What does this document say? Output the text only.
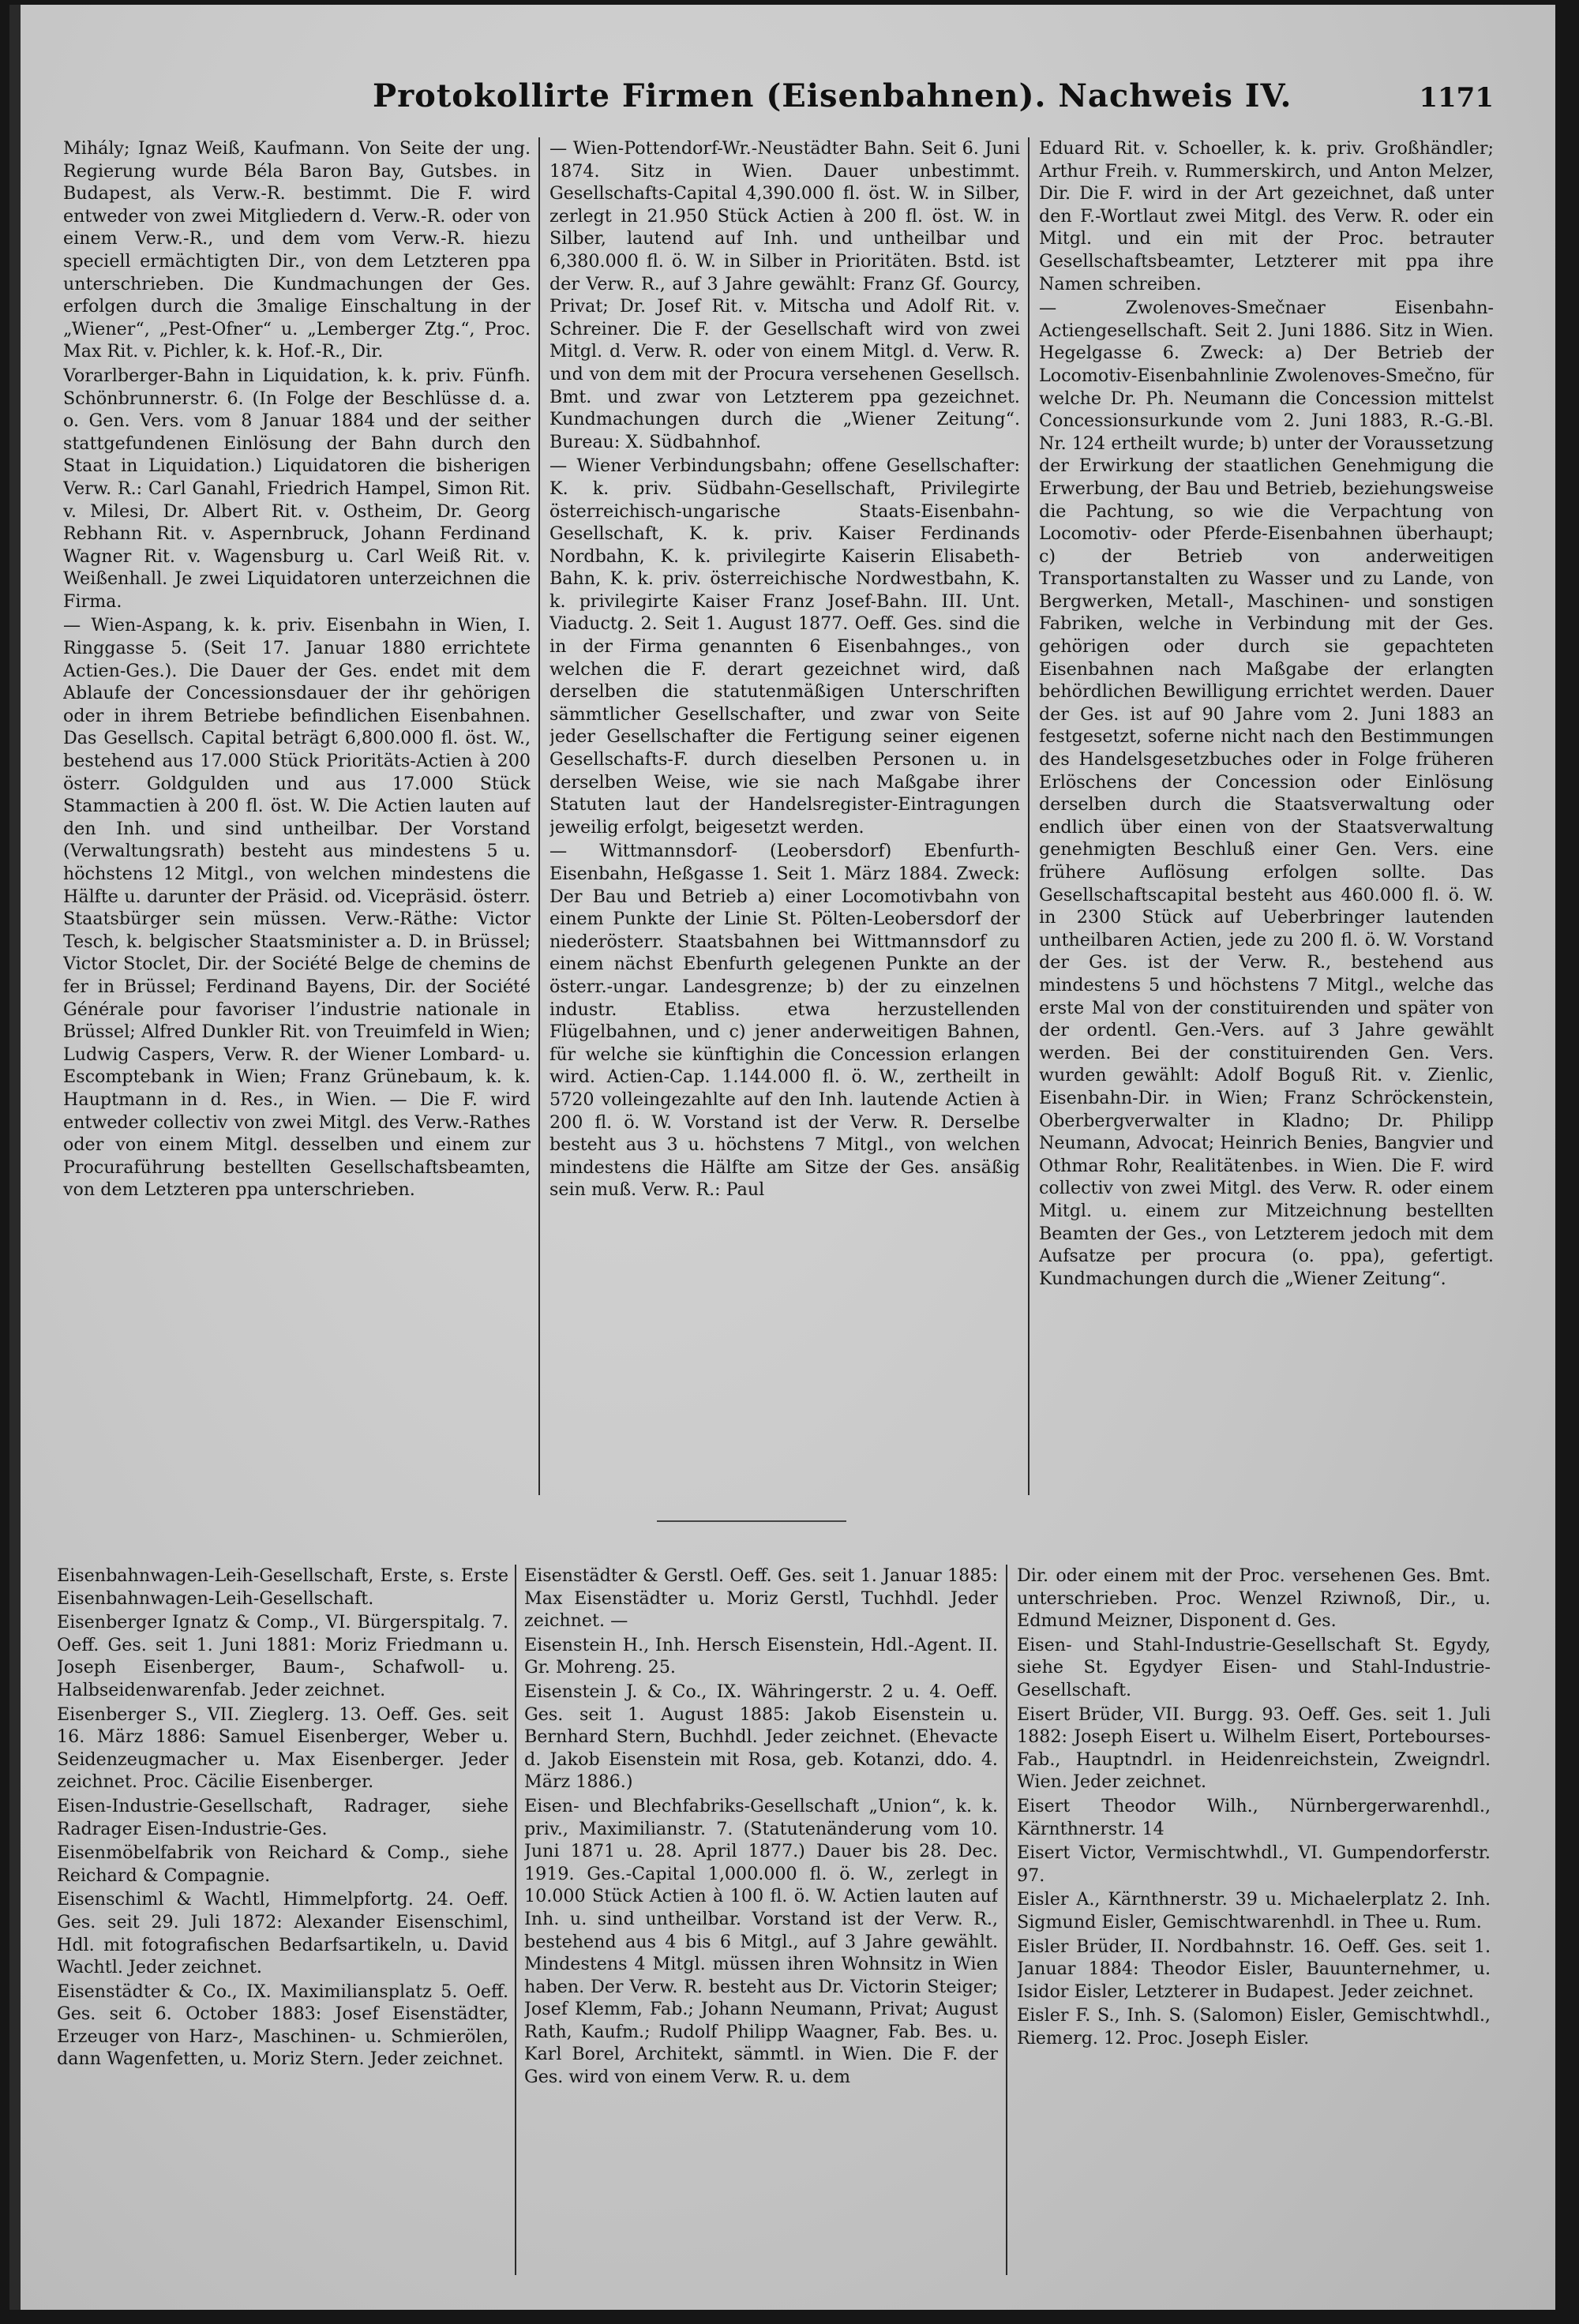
Protokollirte Firmen (Eisenbahnen). Nachweis IV.	1171

Mihály; Ignaz Weiß, Kaufmann. Von Seite der ung. Regierung wurde Béla Baron Bay, Gutsbes. in Budapest, als Verw.-R. bestimmt. Die F. wird entweder von zwei Mitgliedern d. Verw.-R. oder von einem Verw.-R., und dem vom Verw.-R. hiezu speciell ermächtigten Dir., von dem Letzteren ppa unterschrieben. Die Kundmachungen der Ges. erfolgen durch die 3malige Einschaltung in der „Wiener“, „Pest-Ofner“ u. „Lemberger Ztg.“, Proc. Max Rit. v. Pichler, k. k. Hof.-R., Dir.

Vorarlberger-Bahn in Liquidation, k. k. priv. Fünfh. Schönbrunnerstr. 6. (In Folge der Beschlüsse d. a. o. Gen. Vers. vom 8 Januar 1884 und der seither stattgefundenen Einlösung der Bahn durch den Staat in Liquidation.) Liquidatoren die bisherigen Verw. R.: Carl Ganahl, Friedrich Hampel, Simon Rit. v. Milesi, Dr. Albert Rit. v. Ostheim, Dr. Georg Rebhann Rit. v. Aspernbruck, Johann Ferdinand Wagner Rit. v. Wagensburg u. Carl Weiß Rit. v. Weißenhall. Je zwei Liquidatoren unterzeichnen die Firma.

— Wien-Aspang, k. k. priv. Eisenbahn in Wien, I. Ringgasse 5. (Seit 17. Januar 1880 errichtete Actien-Ges.). Die Dauer der Ges. endet mit dem Ablaufe der Concessionsdauer der ihr gehörigen oder in ihrem Betriebe befindlichen Eisenbahnen. Das Gesellsch. Capital beträgt 6,800.000 fl. öst. W., bestehend aus 17.000 Stück Prioritäts-Actien à 200 österr. Goldgulden und aus 17.000 Stück Stammactien à 200 fl. öst. W. Die Actien lauten auf den Inh. und sind untheilbar. Der Vorstand (Verwaltungsrath) besteht aus mindestens 5 u. höchstens 12 Mitgl., von welchen mindestens die Hälfte u. darunter der Präsid. od. Vicepräsid. österr. Staatsbürger sein müssen. Verw.-Räthe: Victor Tesch, k. belgischer Staatsminister a. D. in Brüssel; Victor Stoclet, Dir. der Société Belge de chemins de fer in Brüssel; Ferdinand Bayens, Dir. der Société Générale pour favoriser l’industrie nationale in Brüssel; Alfred Dunkler Rit. von Treuimfeld in Wien; Ludwig Caspers, Verw. R. der Wiener Lombard- u. Escomptebank in Wien; Franz Grünebaum, k. k. Hauptmann in d. Res., in Wien. — Die F. wird entweder collectiv von zwei Mitgl. des Verw.-Rathes oder von einem Mitgl. desselben und einem zur Procuraführung bestellten Gesellschaftsbeamten, von dem Letzteren ppa unterschrieben.

— Wien-Pottendorf-Wr.-Neustädter Bahn. Seit 6. Juni 1874. Sitz in Wien. Dauer unbestimmt. Gesellschafts-Capital 4,390.000 fl. öst. W. in Silber, zerlegt in 21.950 Stück Actien à 200 fl. öst. W. in Silber, lautend auf Inh. und untheilbar und 6,380.000 fl. ö. W. in Silber in Prioritäten. Bstd. ist der Verw. R., auf 3 Jahre gewählt: Franz Gf. Gourcy, Privat; Dr. Josef Rit. v. Mitscha und Adolf Rit. v. Schreiner. Die F. der Gesellschaft wird von zwei Mitgl. d. Verw. R. oder von einem Mitgl. d. Verw. R. und von dem mit der Procura versehenen Gesellsch. Bmt. und zwar von Letzterem ppa gezeichnet. Kundmachungen durch die „Wiener Zeitung“. Bureau: X. Südbahnhof.

— Wiener Verbindungsbahn; offene Gesellschafter: K. k. priv. Südbahn-Gesellschaft, Privilegirte österreichisch-ungarische Staats-Eisenbahn-Gesellschaft, K. k. priv. Kaiser Ferdinands Nordbahn, K. k. privilegirte Kaiserin Elisabeth-Bahn, K. k. priv. österreichische Nordwestbahn, K. k. privilegirte Kaiser Franz Josef-Bahn. III. Unt. Viaductg. 2. Seit 1. August 1877. Oeff. Ges. sind die in der Firma genannten 6 Eisenbahnges., von welchen die F. derart gezeichnet wird, daß derselben die statutenmäßigen Unterschriften sämmtlicher Gesellschafter, und zwar von Seite jeder Gesellschafter die Fertigung seiner eigenen Gesellschafts-F. durch dieselben Personen u. in derselben Weise, wie sie nach Maßgabe ihrer Statuten laut der Handelsregister-Eintragungen jeweilig erfolgt, beigesetzt werden.

— Wittmannsdorf- (Leobersdorf) Ebenfurth-Eisenbahn, Heßgasse 1. Seit 1. März 1884. Zweck: Der Bau und Betrieb a) einer Locomotivbahn von einem Punkte der Linie St. Pölten-Leobersdorf der niederösterr. Staatsbahnen bei Wittmannsdorf zu einem nächst Ebenfurth gelegenen Punkte an der österr.-ungar. Landesgrenze; b) der zu einzelnen industr. Etabliss. etwa herzustellenden Flügelbahnen, und c) jener anderweitigen Bahnen, für welche sie künftighin die Concession erlangen wird. Actien-Cap. 1.144.000 fl. ö. W., zertheilt in 5720 volleingezahlte auf den Inh. lautende Actien à 200 fl. ö. W. Vorstand ist der Verw. R. Derselbe besteht aus 3 u. höchstens 7 Mitgl., von welchen mindestens die Hälfte am Sitze der Ges. ansäßig sein muß. Verw. R.: Paul

Eduard Rit. v. Schoeller, k. k. priv. Großhändler; Arthur Freih. v. Rummerskirch, und Anton Melzer, Dir. Die F. wird in der Art gezeichnet, daß unter den F.-Wortlaut zwei Mitgl. des Verw. R. oder ein Mitgl. und ein mit der Proc. betrauter Gesellschaftsbeamter, Letzterer mit ppa ihre Namen schreiben.

— Zwolenoves-Smečnaer Eisenbahn-Actiengesellschaft. Seit 2. Juni 1886. Sitz in Wien. Hegelgasse 6. Zweck: a) Der Betrieb der Locomotiv-Eisenbahnlinie Zwolenoves-Smečno, für welche Dr. Ph. Neumann die Concession mittelst Concessionsurkunde vom 2. Juni 1883, R.-G.-Bl. Nr. 124 ertheilt wurde; b) unter der Voraussetzung der Erwirkung der staatlichen Genehmigung die Erwerbung, der Bau und Betrieb, beziehungsweise die Pachtung, so wie die Verpachtung von Locomotiv- oder Pferde-Eisenbahnen überhaupt; c) der Betrieb von anderweitigen Transportanstalten zu Wasser und zu Lande, von Bergwerken, Metall-, Maschinen- und sonstigen Fabriken, welche in Verbindung mit der Ges. gehörigen oder durch sie gepachteten Eisenbahnen nach Maßgabe der erlangten behördlichen Bewilligung errichtet werden. Dauer der Ges. ist auf 90 Jahre vom 2. Juni 1883 an festgesetzt, soferne nicht nach den Bestimmungen des Handelsgesetzbuches oder in Folge früheren Erlöschens der Concession oder Einlösung derselben durch die Staatsverwaltung oder endlich über einen von der Staatsverwaltung genehmigten Beschluß einer Gen. Vers. eine frühere Auflösung erfolgen sollte. Das Gesellschaftscapital besteht aus 460.000 fl. ö. W. in 2300 Stück auf Ueberbringer lautenden untheilbaren Actien, jede zu 200 fl. ö. W. Vorstand der Ges. ist der Verw. R., bestehend aus mindestens 5 und höchstens 7 Mitgl., welche das erste Mal von der constituirenden und später von der ordentl. Gen.-Vers. auf 3 Jahre gewählt werden. Bei der constituirenden Gen. Vers. wurden gewählt: Adolf Boguß Rit. v. Zienlic, Eisenbahn-Dir. in Wien; Franz Schröckenstein, Oberbergverwalter in Kladno; Dr. Philipp Neumann, Advocat; Heinrich Benies, Bangvier und Othmar Rohr, Realitätenbes. in Wien. Die F. wird collectiv von zwei Mitgl. des Verw. R. oder einem Mitgl. u. einem zur Mitzeichnung bestellten Beamten der Ges., von Letzterem jedoch mit dem Aufsatze per procura (o. ppa), gefertigt. Kundmachungen durch die „Wiener Zeitung“.

Eisenbahnwagen-Leih-Gesellschaft, Erste, s. Erste Eisenbahnwagen-Leih-Gesellschaft.

Eisenberger Ignatz & Comp., VI. Bürgerspitalg. 7. Oeff. Ges. seit 1. Juni 1881: Moriz Friedmann u. Joseph Eisenberger, Baum-, Schafwoll- u. Halbseidenwarenfab. Jeder zeichnet.

Eisenberger S., VII. Zieglerg. 13. Oeff. Ges. seit 16. März 1886: Samuel Eisenberger, Weber u. Seidenzeugmacher u. Max Eisenberger. Jeder zeichnet. Proc. Cäcilie Eisenberger.

Eisen-Industrie-Gesellschaft, Radrager, siehe Radrager Eisen-Industrie-Ges.

Eisenmöbelfabrik von Reichard & Comp., siehe Reichard & Compagnie.

Eisenschiml & Wachtl, Himmelpfortg. 24. Oeff. Ges. seit 29. Juli 1872: Alexander Eisenschiml, Hdl. mit fotografischen Bedarfsartikeln, u. David Wachtl. Jeder zeichnet.

Eisenstädter & Co., IX. Maximiliansplatz 5. Oeff. Ges. seit 6. October 1883: Josef Eisenstädter, Erzeuger von Harz-, Maschinen- u. Schmierölen, dann Wagenfetten, u. Moriz Stern. Jeder zeichnet.

Eisenstädter & Gerstl. Oeff. Ges. seit 1. Januar 1885: Max Eisenstädter u. Moriz Gerstl, Tuchhdl. Jeder zeichnet. —

Eisenstein H., Inh. Hersch Eisenstein, Hdl.-Agent. II. Gr. Mohreng. 25.

Eisenstein J. & Co., IX. Währingerstr. 2 u. 4. Oeff. Ges. seit 1. August 1885: Jakob Eisenstein u. Bernhard Stern, Buchhdl. Jeder zeichnet. (Ehevacte d. Jakob Eisenstein mit Rosa, geb. Kotanzi, ddo. 4. März 1886.)

Eisen- und Blechfabriks-Gesellschaft „Union“, k. k. priv., Maximilianstr. 7. (Statutenänderung vom 10. Juni 1871 u. 28. April 1877.) Dauer bis 28. Dec. 1919. Ges.-Capital 1,000.000 fl. ö. W., zerlegt in 10.000 Stück Actien à 100 fl. ö. W. Actien lauten auf Inh. u. sind untheilbar. Vorstand ist der Verw. R., bestehend aus 4 bis 6 Mitgl., auf 3 Jahre gewählt. Mindestens 4 Mitgl. müssen ihren Wohnsitz in Wien haben. Der Verw. R. besteht aus Dr. Victorin Steiger; Josef Klemm, Fab.; Johann Neumann, Privat; August Rath, Kaufm.; Rudolf Philipp Waagner, Fab. Bes. u. Karl Borel, Architekt, sämmtl. in Wien. Die F. der Ges. wird von einem Verw. R. u. dem

Dir. oder einem mit der Proc. versehenen Ges. Bmt. unterschrieben. Proc. Wenzel Rziwnoß, Dir., u. Edmund Meizner, Disponent d. Ges.

Eisen- und Stahl-Industrie-Gesellschaft St. Egydy, siehe St. Egydyer Eisen- und Stahl-Industrie-Gesellschaft.

Eisert Brüder, VII. Burgg. 93. Oeff. Ges. seit 1. Juli 1882: Joseph Eisert u. Wilhelm Eisert, Portebourses-Fab., Hauptndrl. in Heidenreichstein, Zweigndrl. Wien. Jeder zeichnet.

Eisert Theodor Wilh., Nürnbergerwarenhdl., Kärnthnerstr. 14

Eisert Victor, Vermischtwhdl., VI. Gumpendorferstr. 97.

Eisler A., Kärnthnerstr. 39 u. Michaelerplatz 2. Inh. Sigmund Eisler, Gemischtwarenhdl. in Thee u. Rum.

Eisler Brüder, II. Nordbahnstr. 16. Oeff. Ges. seit 1. Januar 1884: Theodor Eisler, Bauunternehmer, u. Isidor Eisler, Letzterer in Budapest. Jeder zeichnet.

Eisler F. S., Inh. S. (Salomon) Eisler, Gemischtwhdl., Riemerg. 12. Proc. Joseph Eisler.
